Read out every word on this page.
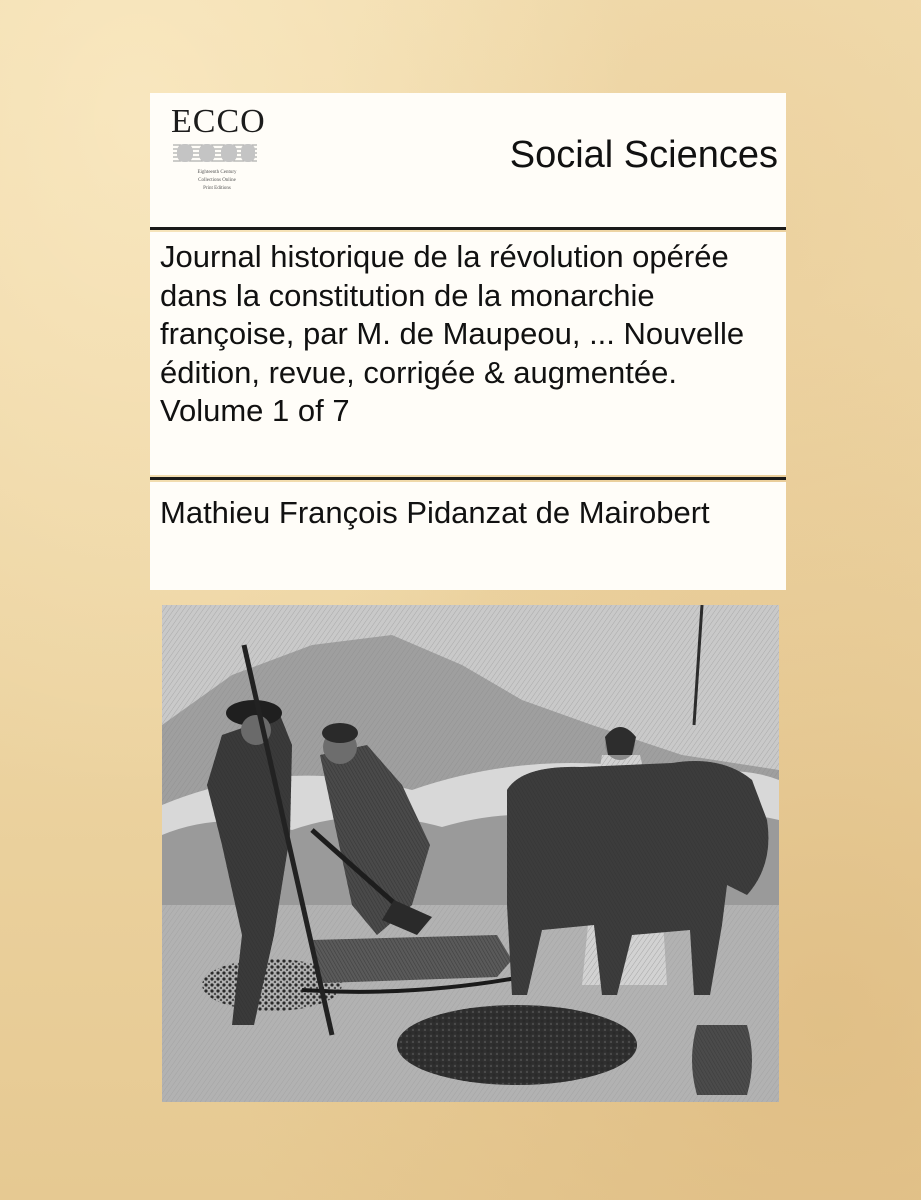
ECCO
Eighteenth Century
Collections Online
Print Editions
Social Sciences
Journal historique de la révolution opérée dans la constitution de la monarchie françoise, par M. de Maupeou, ... Nouvelle édition, revue, corrigée & augmentée. Volume 1 of 7
Mathieu François Pidanzat de Mairobert
